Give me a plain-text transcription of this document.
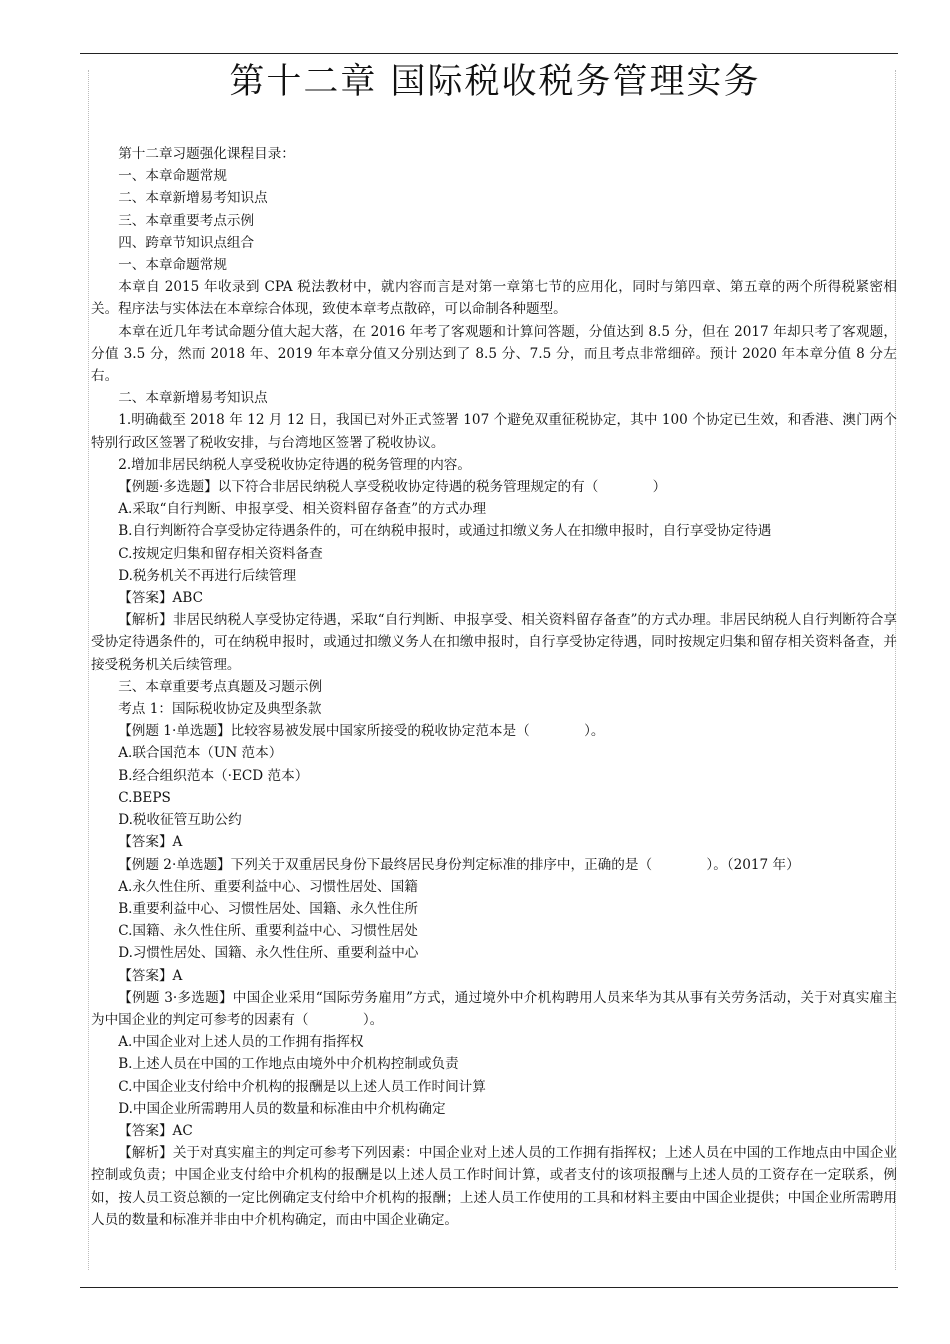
第十二章 国际税收税务管理实务

第十二章习题强化课程目录：

一、本章命题常规

二、本章新增易考知识点

三、本章重要考点示例

四、跨章节知识点组合

一、本章命题常规

本章自 2015 年收录到 CPA 税法教材中，就内容而言是对第一章第七节的应用化，同时与第四章、第五章的两个所得税紧密相关。程序法与实体法在本章综合体现，致使本章考点散碎，可以命制各种题型。

本章在近几年考试命题分值大起大落，在 2016 年考了客观题和计算问答题，分值达到 8.5 分，但在 2017 年却只考了客观题，分值 3.5 分，然而 2018 年、2019 年本章分值又分别达到了 8.5 分、7.5 分，而且考点非常细碎。预计 2020 年本章分值 8 分左右。

二、本章新增易考知识点

1.明确截至 2018 年 12 月 12 日，我国已对外正式签署 107 个避免双重征税协定，其中 100 个协定已生效，和香港、澳门两个特别行政区签署了税收安排，与台湾地区签署了税收协议。

2.增加非居民纳税人享受税收协定待遇的税务管理的内容。

【例题·多选题】以下符合非居民纳税人享受税收协定待遇的税务管理规定的有（　　　　）

A.采取“自行判断、申报享受、相关资料留存备查”的方式办理

B.自行判断符合享受协定待遇条件的，可在纳税申报时，或通过扣缴义务人在扣缴申报时，自行享受协定待遇

C.按规定归集和留存相关资料备查

D.税务机关不再进行后续管理

【答案】ABC

【解析】非居民纳税人享受协定待遇，采取“自行判断、申报享受、相关资料留存备查”的方式办理。非居民纳税人自行判断符合享受协定待遇条件的，可在纳税申报时，或通过扣缴义务人在扣缴申报时，自行享受协定待遇，同时按规定归集和留存相关资料备查，并接受税务机关后续管理。

三、本章重要考点真题及习题示例

考点 1：国际税收协定及典型条款

【例题 1·单选题】比较容易被发展中国家所接受的税收协定范本是（　　　　）。

A.联合国范本（UN 范本）

B.经合组织范本（·ECD 范本）

C.BEPS

D.税收征管互助公约

【答案】A

【例题 2·单选题】下列关于双重居民身份下最终居民身份判定标准的排序中，正确的是（　　　　）。（2017 年）

A.永久性住所、重要利益中心、习惯性居处、国籍

B.重要利益中心、习惯性居处、国籍、永久性住所

C.国籍、永久性住所、重要利益中心、习惯性居处

D.习惯性居处、国籍、永久性住所、重要利益中心

【答案】A

【例题 3·多选题】中国企业采用“国际劳务雇用”方式，通过境外中介机构聘用人员来华为其从事有关劳务活动，关于对真实雇主为中国企业的判定可参考的因素有（　　　　）。

A.中国企业对上述人员的工作拥有指挥权

B.上述人员在中国的工作地点由境外中介机构控制或负责

C.中国企业支付给中介机构的报酬是以上述人员工作时间计算

D.中国企业所需聘用人员的数量和标准由中介机构确定

【答案】AC

【解析】关于对真实雇主的判定可参考下列因素：中国企业对上述人员的工作拥有指挥权；上述人员在中国的工作地点由中国企业控制或负责；中国企业支付给中介机构的报酬是以上述人员工作时间计算，或者支付的该项报酬与上述人员的工资存在一定联系，例如，按人员工资总额的一定比例确定支付给中介机构的报酬；上述人员工作使用的工具和材料主要由中国企业提供；中国企业所需聘用人员的数量和标准并非由中介机构确定，而由中国企业确定。
